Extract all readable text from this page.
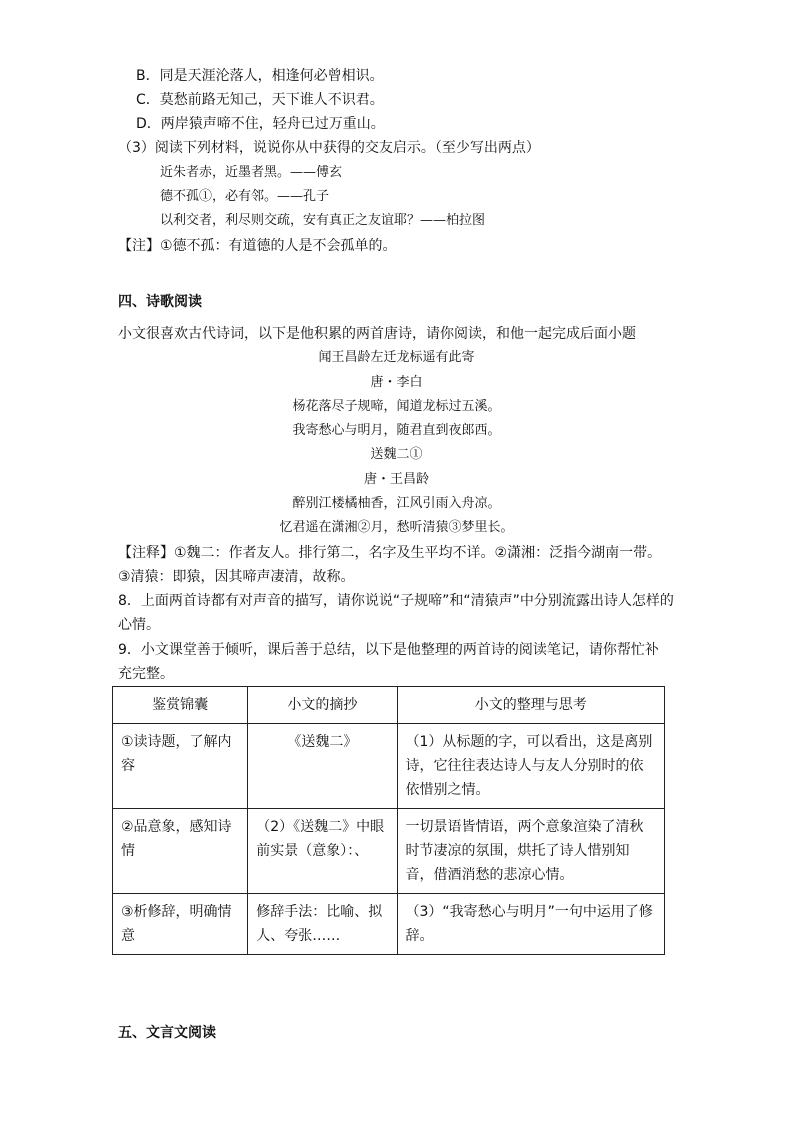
B．同是天涯沦落人，相逢何必曾相识。
C．莫愁前路无知己，天下谁人不识君。
D．两岸猿声啼不住，轻舟已过万重山。
（3）阅读下列材料，说说你从中获得的交友启示。（至少写出两点）
近朱者赤，近墨者黑。——傅玄
德不孤①，必有邻。——孔子
以利交者，利尽则交疏，安有真正之友谊耶？——柏拉图
【注】①德不孤：有道德的人是不会孤单的。
四、诗歌阅读
小文很喜欢古代诗词，以下是他积累的两首唐诗，请你阅读，和他一起完成后面小题
闻王昌龄左迁龙标遥有此寄
唐・李白
杨花落尽子规啼，闻道龙标过五溪。
我寄愁心与明月，随君直到夜郎西。
送魏二①
唐・王昌龄
醉别江楼橘柚香，江风引雨入舟凉。
忆君遥在潇湘②月，愁听清猿③梦里长。
【注释】①魏二：作者友人。排行第二，名字及生平均不详。②潇湘：泛指今湖南一带。
③清猿：即猿，因其啼声凄清，故称。
8．上面两首诗都有对声音的描写，请你说说“子规啼”和“清猿声”中分别流露出诗人怎样的
心情。
9．小文课堂善于倾听，课后善于总结，以下是他整理的两首诗的阅读笔记，请你帮忙补
充完整。
鉴赏锦囊	小文的摘抄	小文的整理与思考
①读诗题，了解内容	《送魏二》	（1）从标题的字，可以看出，这是离别诗，它往往表达诗人与友人分别时的依依惜别之情。
②品意象，感知诗情	（2）《送魏二》中眼前实景（意象）：、	一切景语皆情语，两个意象渲染了清秋时节凄凉的氛围，烘托了诗人惜别知音，借酒消愁的悲凉心情。
③析修辞，明确情意	修辞手法：比喻、拟人、夸张……	（3）“我寄愁心与明月”一句中运用了修辞。
五、文言文阅读
